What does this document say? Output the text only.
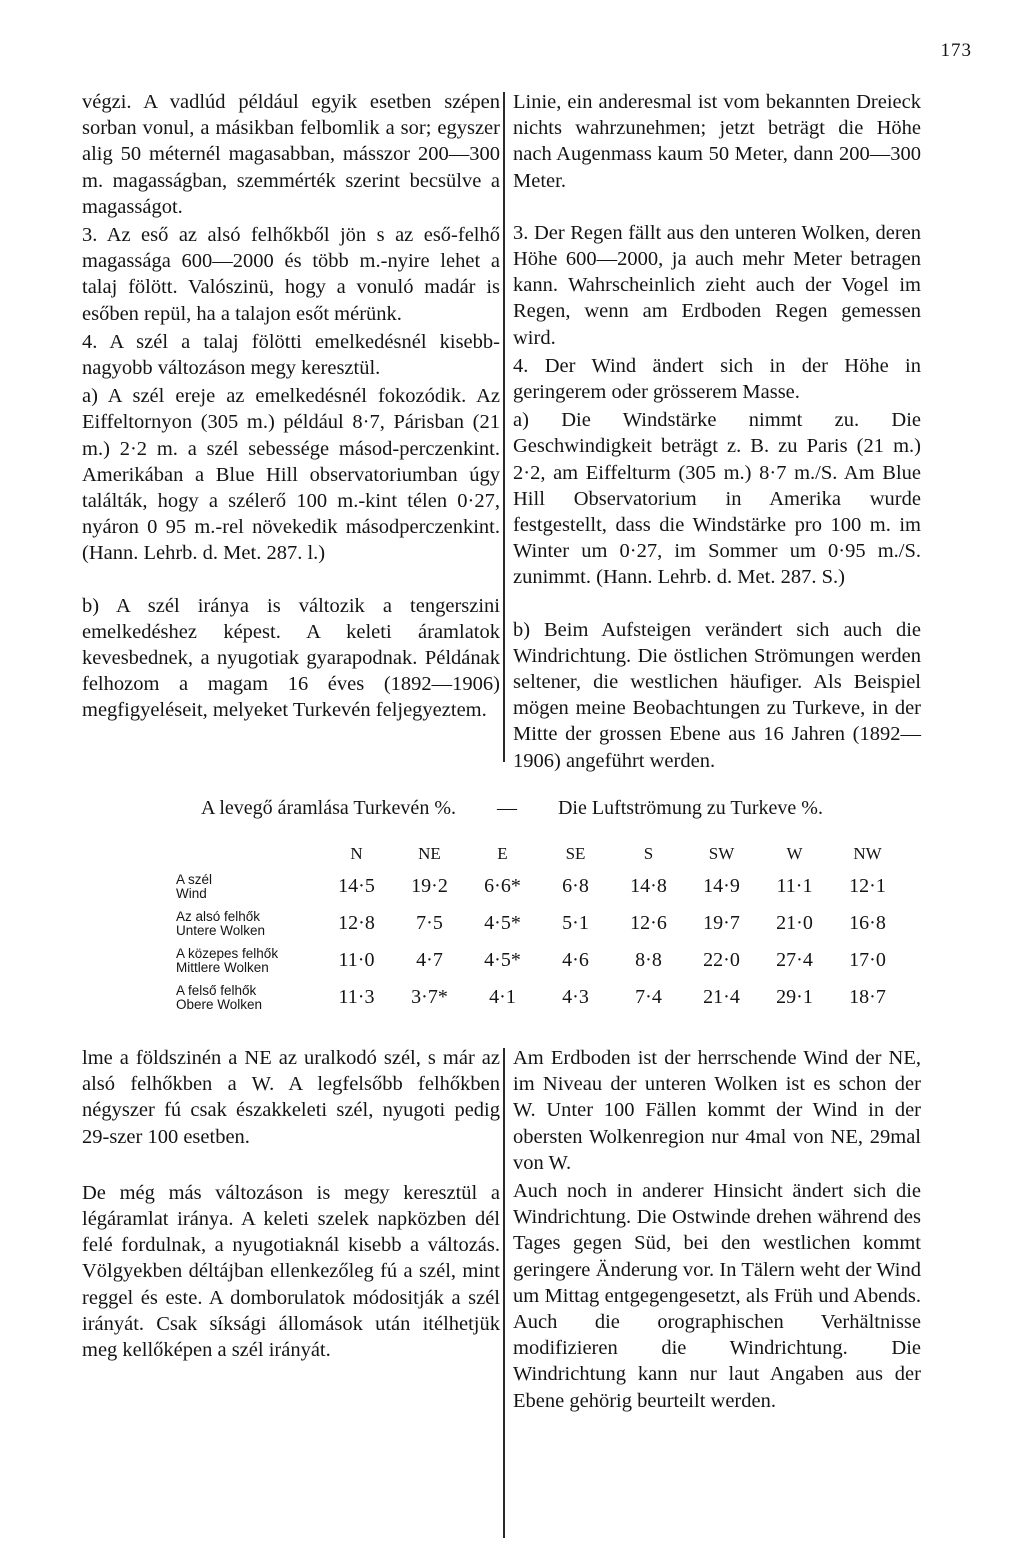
173

végzi. A vadlúd például egyik esetben szépen sorban vonul, a másikban felbomlik a sor; egyszer alig 50 méternél magasabban, másszor 200—300 m. magasságban, szemmérték szerint becsülve a magasságot.

3. Az eső az alsó felhőkből jön s az eső-felhő magassága 600—2000 és több m.-nyire lehet a talaj fölött. Valószinü, hogy a vonuló madár is esőben repül, ha a talajon esőt mérünk.

4. A szél a talaj fölötti emelkedésnél kisebb-nagyobb változáson megy keresztül.

a) A szél ereje az emelkedésnél fokozódik. Az Eiffeltornyon (305 m.) például 8·7, Párisban (21 m.) 2·2 m. a szél sebessége másod-perczenkint. Amerikában a Blue Hill observatoriumban úgy találták, hogy a szélerő 100 m.-kint télen 0·27, nyáron 0 95 m.-rel növekedik másodperczenkint. (Hann. Lehrb. d. Met. 287. l.)

b) A szél iránya is változik a tengerszini emelkedéshez képest. A keleti áramlatok kevesbednek, a nyugotiak gyarapodnak. Példának felhozom a magam 16 éves (1892—1906) megfigyeléseit, melyeket Turkevén feljegyeztem.

Linie, ein anderesmal ist vom bekannten Dreieck nichts wahrzunehmen; jetzt beträgt die Höhe nach Augenmass kaum 50 Meter, dann 200—300 Meter.

3. Der Regen fällt aus den unteren Wolken, deren Höhe 600—2000, ja auch mehr Meter betragen kann. Wahrscheinlich zieht auch der Vogel im Regen, wenn am Erdboden Regen gemessen wird.

4. Der Wind ändert sich in der Höhe in geringerem oder grösserem Masse.

a) Die Windstärke nimmt zu. Die Geschwindigkeit beträgt z. B. zu Paris (21 m.) 2·2, am Eiffelturm (305 m.) 8·7 m./S. Am Blue Hill Observatorium in Amerika wurde festgestellt, dass die Windstärke pro 100 m. im Winter um 0·27, im Sommer um 0·95 m./S. zunimmt. (Hann. Lehrb. d. Met. 287. S.)

b) Beim Aufsteigen verändert sich auch die Windrichtung. Die östlichen Strömungen werden seltener, die westlichen häufiger. Als Beispiel mögen meine Beobachtungen zu Turkeve, in der Mitte der grossen Ebene aus 16 Jahren (1892—1906) angeführt werden.

A levegő áramlása Turkevén %. — Die Luftströmung zu Turkeve %.
	N	NE	E	SE	S	SW	W	NW

A szél
Wind	14·5	19·2	6·6*	6·8	14·8	14·9	11·1	12·1

Az alsó felhők
Untere Wolken	12·8	7·5	4·5*	5·1	12·6	19·7	21·0	16·8

A közepes felhők
Mittlere Wolken	11·0	4·7	4·5*	4·6	8·8	22·0	27·4	17·0

A felső felhők
Obere Wolken	11·3	3·7*	4·1	4·3	7·4	21·4	29·1	18·7

lme a földszinén a NE az uralkodó szél, s már az alsó felhőkben a W. A legfelsőbb felhőkben négyszer fú csak északkeleti szél, nyugoti pedig 29-szer 100 esetben.

De még más változáson is megy keresztül a légáramlat iránya. A keleti szelek napközben dél felé fordulnak, a nyugotiaknál kisebb a változás. Völgyekben déltájban ellenkezőleg fú a szél, mint reggel és este. A domborulatok módositják a szél irányát. Csak síksági állomások után itélhetjük meg kellőképen a szél irányát.

Am Erdboden ist der herrschende Wind der NE, im Niveau der unteren Wolken ist es schon der W. Unter 100 Fällen kommt der Wind in der obersten Wolkenregion nur 4mal von NE, 29mal von W.

Auch noch in anderer Hinsicht ändert sich die Windrichtung. Die Ostwinde drehen während des Tages gegen Süd, bei den westlichen kommt geringere Änderung vor. In Tälern weht der Wind um Mittag entgegengesetzt, als Früh und Abends. Auch die orographischen Verhältnisse modifizieren die Windrichtung. Die Windrichtung kann nur laut Angaben aus der Ebene gehörig beurteilt werden.
